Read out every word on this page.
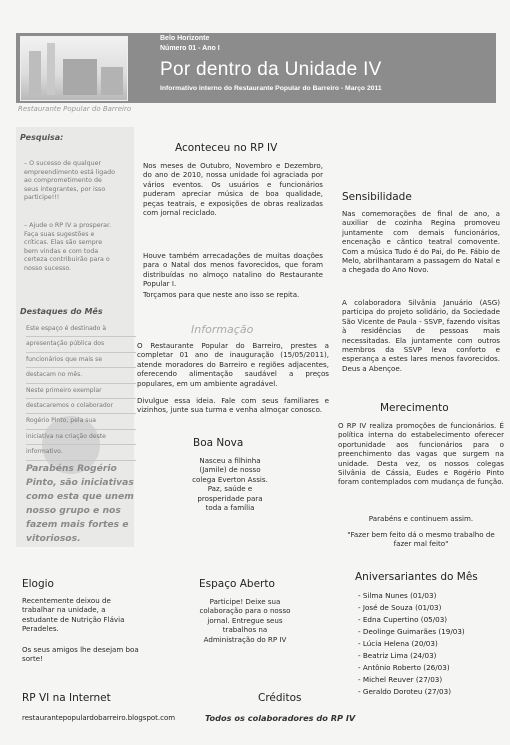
Belo Horizonte
Número 01 - Ano I
Por dentro da Unidade IV
Informativo interno do Restaurante Popular do Barreiro - Março 2011
Restaurante Popular do Barreiro
Pesquisa:
– O sucesso de qualquer
empreendimento está ligado
ao comprometimento de
seus integrantes, por isso
participe!!!
– Ajude o RP IV a prosperar.
Faça suas sugestões e
críticas. Elas são sempre
bem vindas e com toda
certeza contribuirão para o
nosso sucesso.
Destaques do Mês
Este espaço é destinado à
apresentação pública dos
funcionários que mais se
destacam no mês.
Neste primeiro exemplar
destacaremos o colaborador
Rogério Pinto, pela sua
iniciativa na criação deste
informativo.
Parabéns Rogério
Pinto, são iniciativas
como esta que unem
nosso grupo e nos
fazem mais fortes e
vitoriosos.
Aconteceu no RP IV
Nos meses de Outubro, Novembro e Dezembro, do ano de 2010, nossa unidade foi agraciada por vários eventos. Os usuários e funcionários puderam apreciar música de boa qualidade, peças teatrais, e exposições de obras realizadas com jornal reciclado.
Houve também arrecadações de muitas doações para o Natal dos menos favorecidos, que foram distribuídas no almoço natalino do Restaurante Popular I.
Torçamos para que neste ano isso se repita.
Informação
O Restaurante Popular do Barreiro, prestes a completar 01 ano de inauguração (15/05/2011), atende moradores do Barreiro e regiões adjacentes, oferecendo alimentação saudável a preços populares, em um ambiente agradável.
Divulgue essa ideia. Fale com seus familiares e vizinhos, junte sua turma e venha almoçar conosco.
Boa Nova
Nasceu a filhinha
(Jamile) de nosso
colega Everton Assis.
Paz, saúde e
prosperidade para
toda a família
Sensibilidade
Nas comemorações de final de ano, a auxiliar de cozinha Regina promoveu juntamente com demais funcionários, encenação e cântico teatral comovente. Com a música Tudo é do Pai, do Pe. Fábio de Melo, abrilhantaram a passagem do Natal e a chegada do Ano Novo.
A colaboradora Silvânia Januário (ASG) participa do projeto solidário, da Sociedade São Vicente de Paula - SSVP, fazendo visitas à residências de pessoas mais necessitadas. Ela juntamente com outros membros da SSVP leva conforto e esperança a estes lares menos favorecidos. Deus a Abençoe.
Merecimento
O RP IV realiza promoções de funcionários. É política interna do estabelecimento oferecer oportunidade aos funcionários para o preenchimento das vagas que surgem na unidade. Desta vez, os nossos colegas Silvânia de Cássia, Eudes e Rogério Pinto foram contemplados com mudança de função.
Parabéns e continuem assim.
"Fazer bem feito dá o mesmo trabalho de fazer mal feito"
Elogio
Recentemente deixou de trabalhar na unidade, a estudante de Nutrição Flávia Peradeles.
Os seus amigos lhe desejam boa sorte!
Espaço Aberto
Participe! Deixe sua
colaboração para o nosso
jornal. Entregue seus
trabalhos na
Administração do RP IV
Aniversariantes do Mês
- Silma Nunes (01/03)
- José de Souza (01/03)
- Edna Cupertino (05/03)
- Deolinge Guimarães (19/03)
- Lúcia Helena (20/03)
- Beatriz Lima (24/03)
- Antônio Roberto (26/03)
- Michel Reuver (27/03)
- Geraldo Doroteu (27/03)
RP VI na Internet
restaurantepopulardobarreiro.blogspot.com
Créditos
Todos os colaboradores do RP IV
